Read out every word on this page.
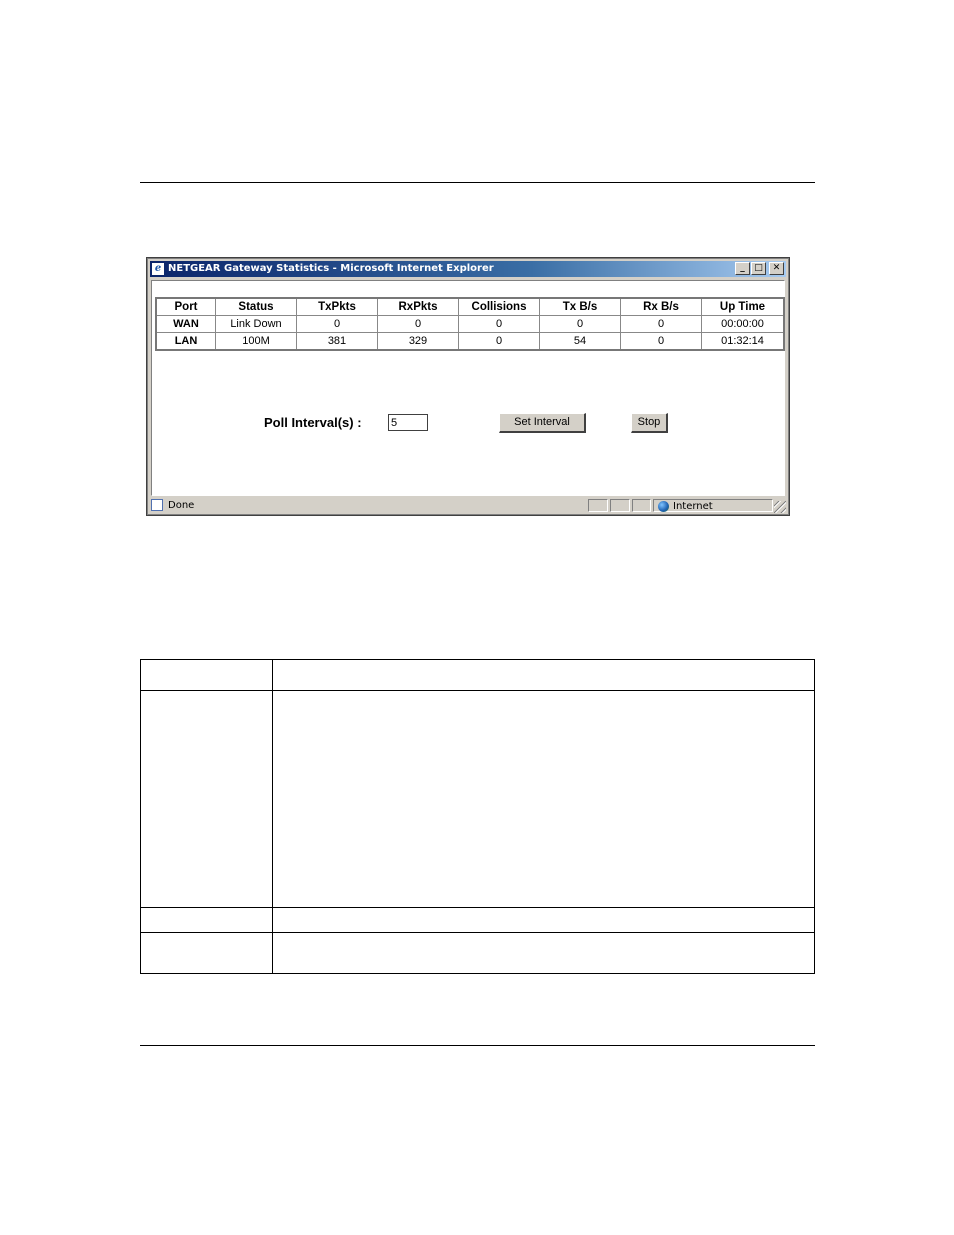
e NETGEAR Gateway Statistics - Microsoft Internet Explorer	_	□	✕
Port	Status	TxPkts	RxPkts	Collisions	Tx B/s	Rx B/s	Up Time
WAN	Link Down	0	0	0	0	0	00:00:00
LAN	100M	381	329	0	54	0	01:32:14
Poll Interval(s) :
5	Set Interval	Stop
Done	Internet
